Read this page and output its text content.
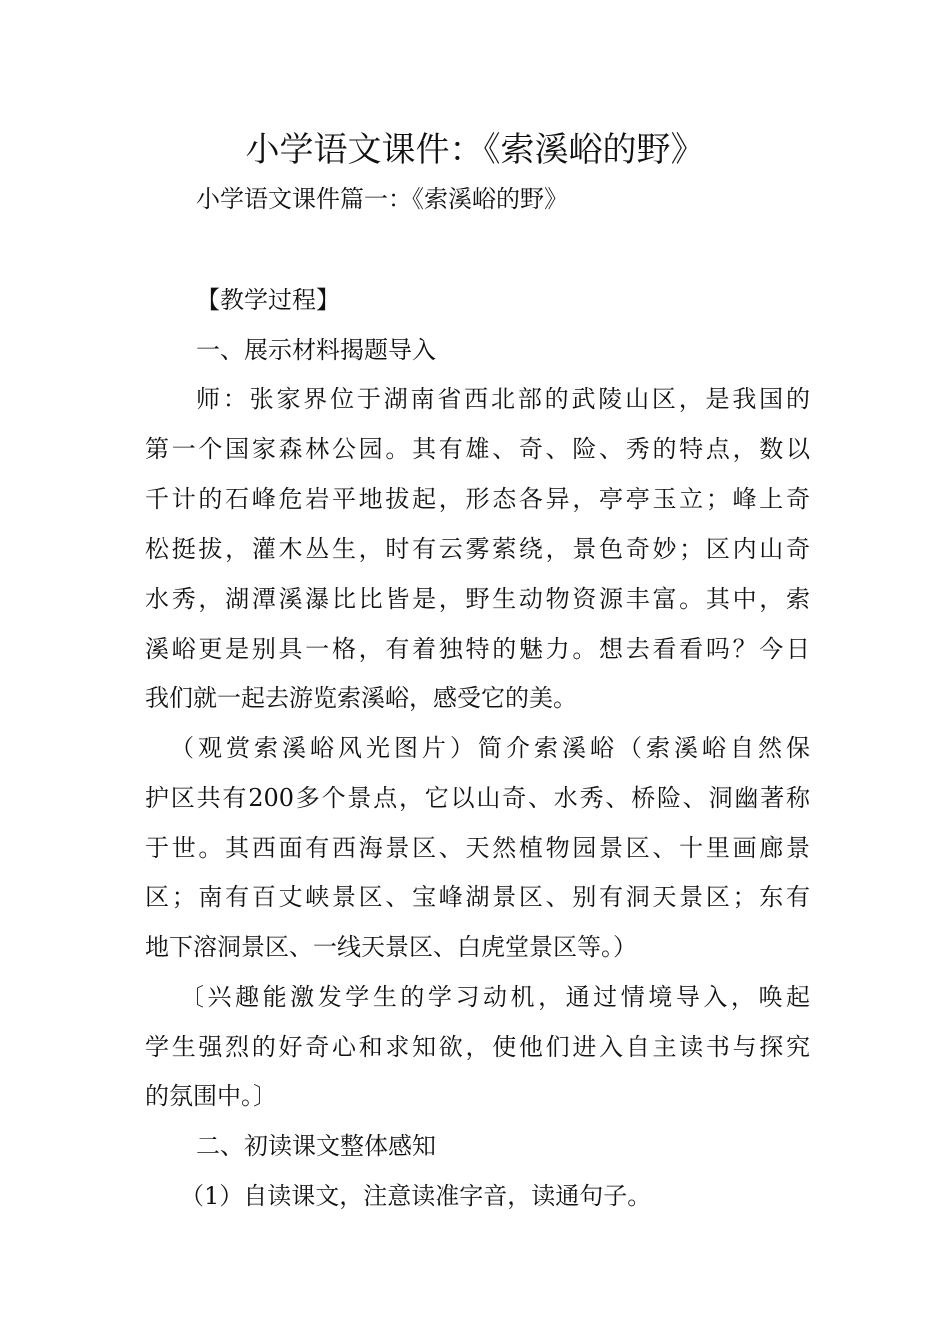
小学语文课件：《索溪峪的野》
小学语文课件篇一：《索溪峪的野》
【教学过程】
一、展示材料揭题导入
师：张家界位于湖南省西北部的武陵山区，是我国的
第一个国家森林公园。其有雄、奇、险、秀的特点，数以
千计的石峰危岩平地拔起，形态各异，亭亭玉立；峰上奇
松挺拔，灌木丛生，时有云雾萦绕，景色奇妙；区内山奇
水秀，湖潭溪瀑比比皆是，野生动物资源丰富。其中，索
溪峪更是别具一格，有着独特的魅力。想去看看吗？今日
我们就一起去游览索溪峪，感受它的美。
（观赏索溪峪风光图片）简介索溪峪（索溪峪自然保
护区共有200多个景点，它以山奇、水秀、桥险、洞幽著称
于世。其西面有西海景区、天然植物园景区、十里画廊景
区；南有百丈峡景区、宝峰湖景区、别有洞天景区；东有
地下溶洞景区、一线天景区、白虎堂景区等。）
〔兴趣能激发学生的学习动机，通过情境导入，唤起
学生强烈的好奇心和求知欲，使他们进入自主读书与探究
的氛围中。〕
二、初读课文整体感知
（1）自读课文，注意读准字音，读通句子。
